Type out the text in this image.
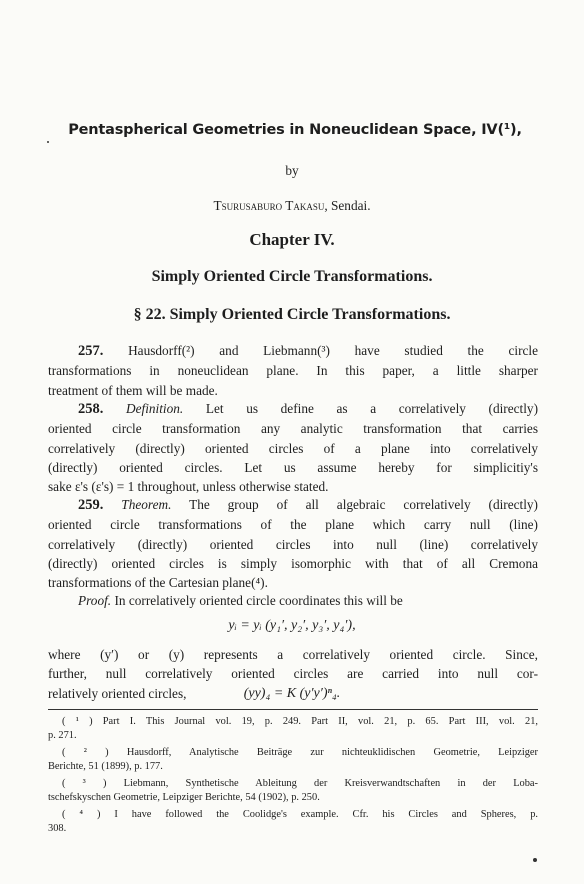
Pentaspherical Geometries in Noneuclidean Space, IV(¹),
by
Tsurusaburo Takasu, Sendai.
Chapter IV.
Simply Oriented Circle Transformations.
§ 22. Simply Oriented Circle Transformations.
257. Hausdorff(²) and Liebmann(³) have studied the circle
transformations in noneuclidean plane. In this paper, a little sharper
treatment of them will be made.
258. Definition. Let us define as a correlatively (directly)
oriented circle transformation any analytic transformation that carries
correlatively (directly) oriented circles of a plane into correlatively
(directly) oriented circles. Let us assume hereby for simplicitiy's
sake ε's (ε's) = 1 throughout, unless otherwise stated.
259. Theorem. The group of all algebraic correlatively (directly)
oriented circle transformations of the plane which carry null (line)
correlatively (directly) oriented circles into null (line) correlatively
(directly) oriented circles is simply isomorphic with that of all Cremona
transformations of the Cartesian plane(⁴).
Proof. In correlatively oriented circle coordinates this will be
yᵢ = yᵢ (y₁′, y₂′, y₃′, y₄′),
where (y′) or (y) represents a correlatively oriented circle. Since,
further, null correlatively oriented circles are carried into null cor-
relatively oriented circles,	(yy)₄ = K (y′y′)ⁿ₄.
( ¹ ) Part I. This Journal vol. 19, p. 249. Part II, vol. 21, p. 65. Part III, vol. 21,
p. 271.
( ² ) Hausdorff, Analytische Beiträge zur nichteuklidischen Geometrie, Leipziger
Berichte, 51 (1899), p. 177.
( ³ ) Liebmann, Synthetische Ableitung der Kreisverwandtschaften in der Loba-
tschefskyschen Geometrie, Leipziger Berichte, 54 (1902), p. 250.
( ⁴ ) I have followed the Coolidge's example. Cfr. his Circles and Spheres, p.
308.
